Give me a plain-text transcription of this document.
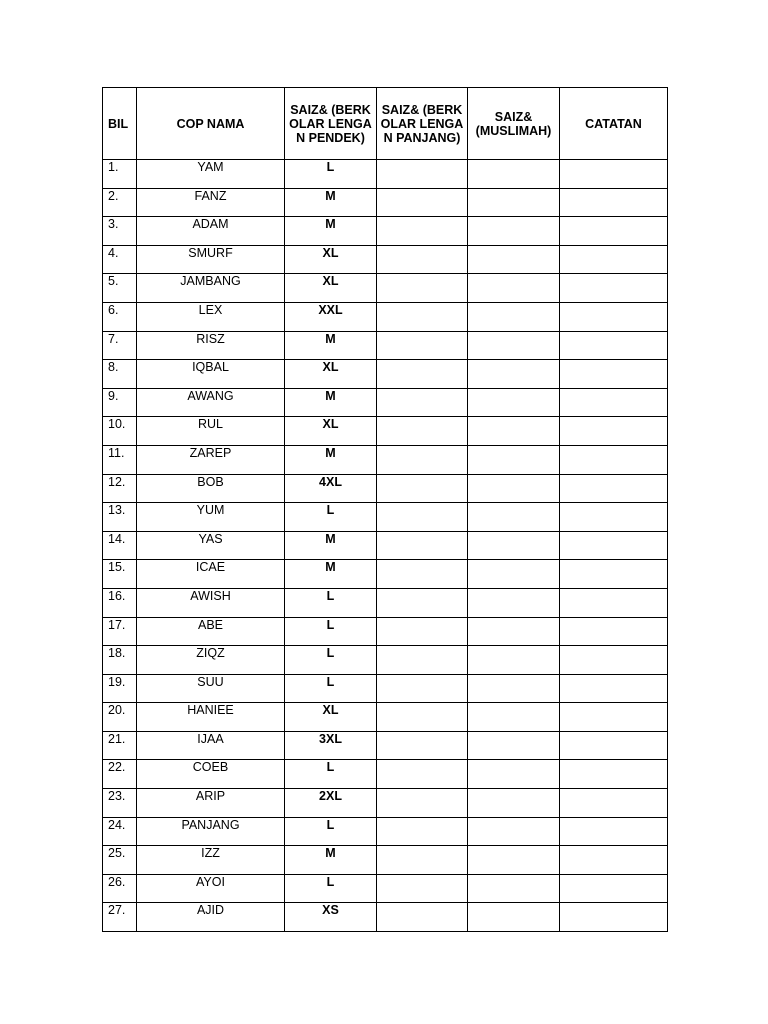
BIL	COP NAMA	SAIZ& (BERKOLAR LENGAN PENDEK)	SAIZ& (BERKOLAR LENGAN PANJANG)	SAIZ& (MUSLIMAH)	CATATAN
1.	YAM	L			
2.	FANZ	M			
3.	ADAM	M			
4.	SMURF	XL			
5.	JAMBANG	XL			
6.	LEX	XXL			
7.	RISZ	M			
8.	IQBAL	XL			
9.	AWANG	M			
10.	RUL	XL			
11.	ZAREP	M			
12.	BOB	4XL			
13.	YUM	L			
14.	YAS	M			
15.	ICAE	M			
16.	AWISH	L			
17.	ABE	L			
18.	ZIQZ	L			
19.	SUU	L			
20.	HANIEE	XL			
21.	IJAA	3XL			
22.	COEB	L			
23.	ARIP	2XL			
24.	PANJANG	L			
25.	IZZ	M			
26.	AYOI	L			
27.	AJID	XS			
